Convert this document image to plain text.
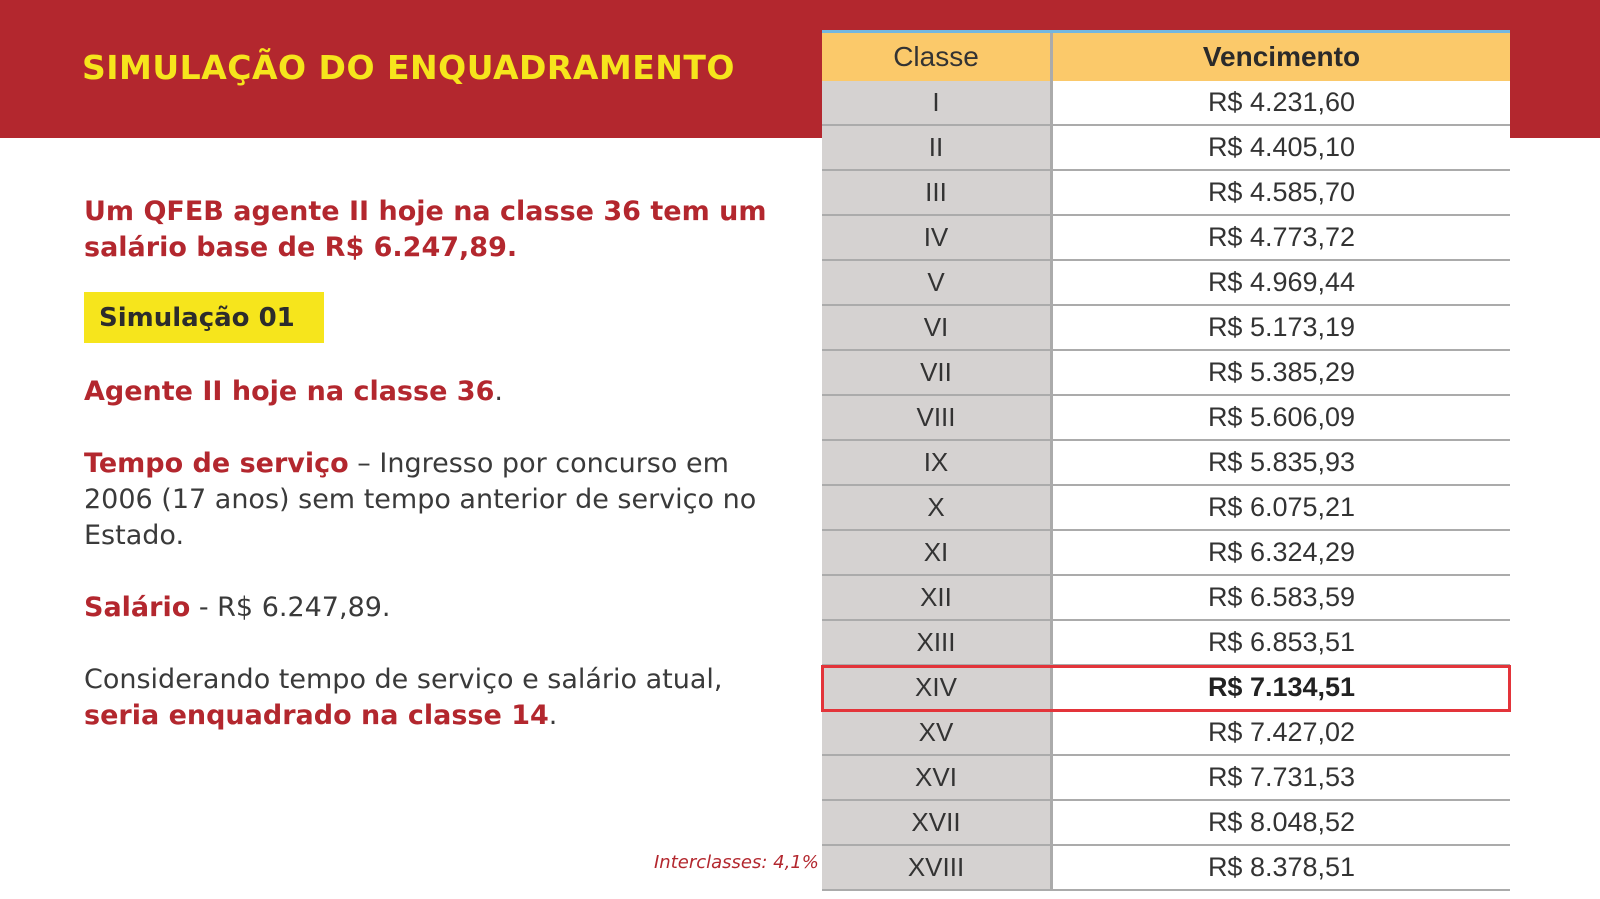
SIMULAÇÃO DO ENQUADRAMENTO
Um QFEB agente II hoje na classe 36 tem um salário base de R$ 6.247,89.
Simulação 01
Agente II hoje na classe 36.
Tempo de serviço – Ingresso por concurso em 2006 (17 anos) sem tempo anterior de serviço no Estado.
Salário - R$ 6.247,89.
Considerando tempo de serviço e salário atual, seria enquadrado na classe 14.
Interclasses: 4,1%
Classe	Vencimento
I	R$ 4.231,60
II	R$ 4.405,10
III	R$ 4.585,70
IV	R$ 4.773,72
V	R$ 4.969,44
VI	R$ 5.173,19
VII	R$ 5.385,29
VIII	R$ 5.606,09
IX	R$ 5.835,93
X	R$ 6.075,21
XI	R$ 6.324,29
XII	R$ 6.583,59
XIII	R$ 6.853,51
XIV	R$ 7.134,51
XV	R$ 7.427,02
XVI	R$ 7.731,53
XVII	R$ 8.048,52
XVIII	R$ 8.378,51
